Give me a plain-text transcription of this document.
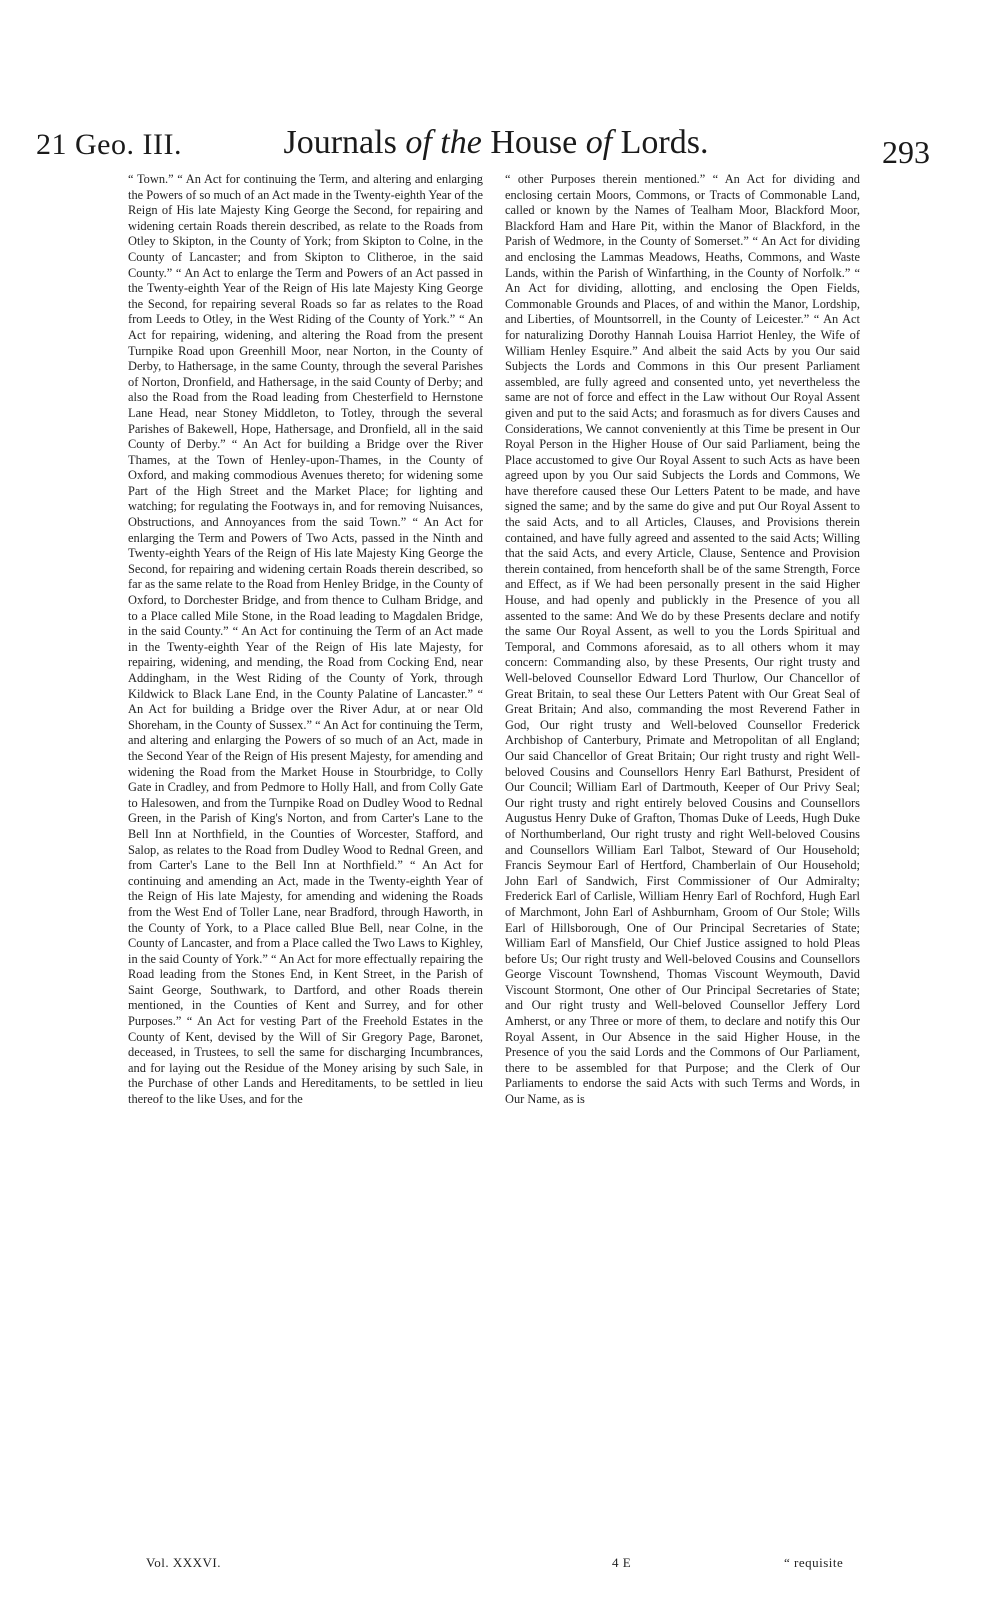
21 Geo. III.	Journals of the House of Lords.	293

“ Town.” “ An Act for continuing the Term, and altering and enlarging the Powers of so much of an Act made in the Twenty-eighth Year of the Reign of His late Majesty King George the Second, for repairing and widening certain Roads therein described, as relate to the Roads from Otley to Skipton, in the County of York; from Skipton to Colne, in the County of Lancaster; and from Skipton to Clitheroe, in the said County.” “ An Act to enlarge the Term and Powers of an Act passed in the Twenty-eighth Year of the Reign of His late Majesty King George the Second, for repairing several Roads so far as relates to the Road from Leeds to Otley, in the West Riding of the County of York.” “ An Act for repairing, widening, and altering the Road from the present Turnpike Road upon Greenhill Moor, near Norton, in the County of Derby, to Hathersage, in the same County, through the several Parishes of Norton, Dronfield, and Hathersage, in the said County of Derby; and also the Road from the Road leading from Chesterfield to Hernstone Lane Head, near Stoney Middleton, to Totley, through the several Parishes of Bakewell, Hope, Hathersage, and Dronfield, all in the said County of Derby.” “ An Act for building a Bridge over the River Thames, at the Town of Henley-upon-Thames, in the County of Oxford, and making commodious Avenues thereto; for widening some Part of the High Street and the Market Place; for lighting and watching; for regulating the Footways in, and for removing Nuisances, Obstructions, and Annoyances from the said Town.” “ An Act for enlarging the Term and Powers of Two Acts, passed in the Ninth and Twenty-eighth Years of the Reign of His late Majesty King George the Second, for repairing and widening certain Roads therein described, so far as the same relate to the Road from Henley Bridge, in the County of Oxford, to Dorchester Bridge, and from thence to Culham Bridge, and to a Place called Mile Stone, in the Road leading to Magdalen Bridge, in the said County.” “ An Act for continuing the Term of an Act made in the Twenty-eighth Year of the Reign of His late Majesty, for repairing, widening, and mending, the Road from Cocking End, near Addingham, in the West Riding of the County of York, through Kildwick to Black Lane End, in the County Palatine of Lancaster.” “ An Act for building a Bridge over the River Adur, at or near Old Shoreham, in the County of Sussex.” “ An Act for continuing the Term, and altering and enlarging the Powers of so much of an Act, made in the Second Year of the Reign of His present Majesty, for amending and widening the Road from the Market House in Stourbridge, to Colly Gate in Cradley, and from Pedmore to Holly Hall, and from Colly Gate to Halesowen, and from the Turnpike Road on Dudley Wood to Rednal Green, in the Parish of King's Norton, and from Carter's Lane to the Bell Inn at Northfield, in the Counties of Worcester, Stafford, and Salop, as relates to the Road from Dudley Wood to Rednal Green, and from Carter's Lane to the Bell Inn at Northfield.” “ An Act for continuing and amending an Act, made in the Twenty-eighth Year of the Reign of His late Majesty, for amending and widening the Roads from the West End of Toller Lane, near Bradford, through Haworth, in the County of York, to a Place called Blue Bell, near Colne, in the County of Lancaster, and from a Place called the Two Laws to Kighley, in the said County of York.” “ An Act for more effectually repairing the Road leading from the Stones End, in Kent Street, in the Parish of Saint George, Southwark, to Dartford, and other Roads therein mentioned, in the Counties of Kent and Surrey, and for other Purposes.” “ An Act for vesting Part of the Freehold Estates in the County of Kent, devised by the Will of Sir Gregory Page, Baronet, deceased, in Trustees, to sell the same for discharging Incumbrances, and for laying out the Residue of the Money arising by such Sale, in the Purchase of other Lands and Hereditaments, to be settled in lieu thereof to the like Uses, and for the

“ other Purposes therein mentioned.” “ An Act for dividing and enclosing certain Moors, Commons, or Tracts of Commonable Land, called or known by the Names of Tealham Moor, Blackford Moor, Blackford Ham and Hare Pit, within the Manor of Blackford, in the Parish of Wedmore, in the County of Somerset.” “ An Act for dividing and enclosing the Lammas Meadows, Heaths, Commons, and Waste Lands, within the Parish of Winfarthing, in the County of Norfolk.” “ An Act for dividing, allotting, and enclosing the Open Fields, Commonable Grounds and Places, of and within the Manor, Lordship, and Liberties, of Mountsorrell, in the County of Leicester.” “ An Act for naturalizing Dorothy Hannah Louisa Harriot Henley, the Wife of William Henley Esquire.” And albeit the said Acts by you Our said Subjects the Lords and Commons in this Our present Parliament assembled, are fully agreed and consented unto, yet nevertheless the same are not of force and effect in the Law without Our Royal Assent given and put to the said Acts; and forasmuch as for divers Causes and Considerations, We cannot conveniently at this Time be present in Our Royal Person in the Higher House of Our said Parliament, being the Place accustomed to give Our Royal Assent to such Acts as have been agreed upon by you Our said Subjects the Lords and Commons, We have therefore caused these Our Letters Patent to be made, and have signed the same; and by the same do give and put Our Royal Assent to the said Acts, and to all Articles, Clauses, and Provisions therein contained, and have fully agreed and assented to the said Acts; Willing that the said Acts, and every Article, Clause, Sentence and Provision therein contained, from henceforth shall be of the same Strength, Force and Effect, as if We had been personally present in the said Higher House, and had openly and publickly in the Presence of you all assented to the same: And We do by these Presents declare and notify the same Our Royal Assent, as well to you the Lords Spiritual and Temporal, and Commons aforesaid, as to all others whom it may concern: Commanding also, by these Presents, Our right trusty and Well-beloved Counsellor Edward Lord Thurlow, Our Chancellor of Great Britain, to seal these Our Letters Patent with Our Great Seal of Great Britain; And also, commanding the most Reverend Father in God, Our right trusty and Well-beloved Counsellor Frederick Archbishop of Canterbury, Primate and Metropolitan of all England; Our said Chancellor of Great Britain; Our right trusty and right Well-beloved Cousins and Counsellors Henry Earl Bathurst, President of Our Council; William Earl of Dartmouth, Keeper of Our Privy Seal; Our right trusty and right entirely beloved Cousins and Counsellors Augustus Henry Duke of Grafton, Thomas Duke of Leeds, Hugh Duke of Northumberland, Our right trusty and right Well-beloved Cousins and Counsellors William Earl Talbot, Steward of Our Household; Francis Seymour Earl of Hertford, Chamberlain of Our Household; John Earl of Sandwich, First Commissioner of Our Admiralty; Frederick Earl of Carlisle, William Henry Earl of Rochford, Hugh Earl of Marchmont, John Earl of Ashburnham, Groom of Our Stole; Wills Earl of Hillsborough, One of Our Principal Secretaries of State; William Earl of Mansfield, Our Chief Justice assigned to hold Pleas before Us; Our right trusty and Well-beloved Cousins and Counsellors George Viscount Townshend, Thomas Viscount Weymouth, David Viscount Stormont, One other of Our Principal Secretaries of State; and Our right trusty and Well-beloved Counsellor Jeffery Lord Amherst, or any Three or more of them, to declare and notify this Our Royal Assent, in Our Absence in the said Higher House, in the Presence of you the said Lords and the Commons of Our Parliament, there to be assembled for that Purpose; and the Clerk of Our Parliaments to endorse the said Acts with such Terms and Words, in Our Name, as is

Vol. XXXVI.	4 E	“ requisite
